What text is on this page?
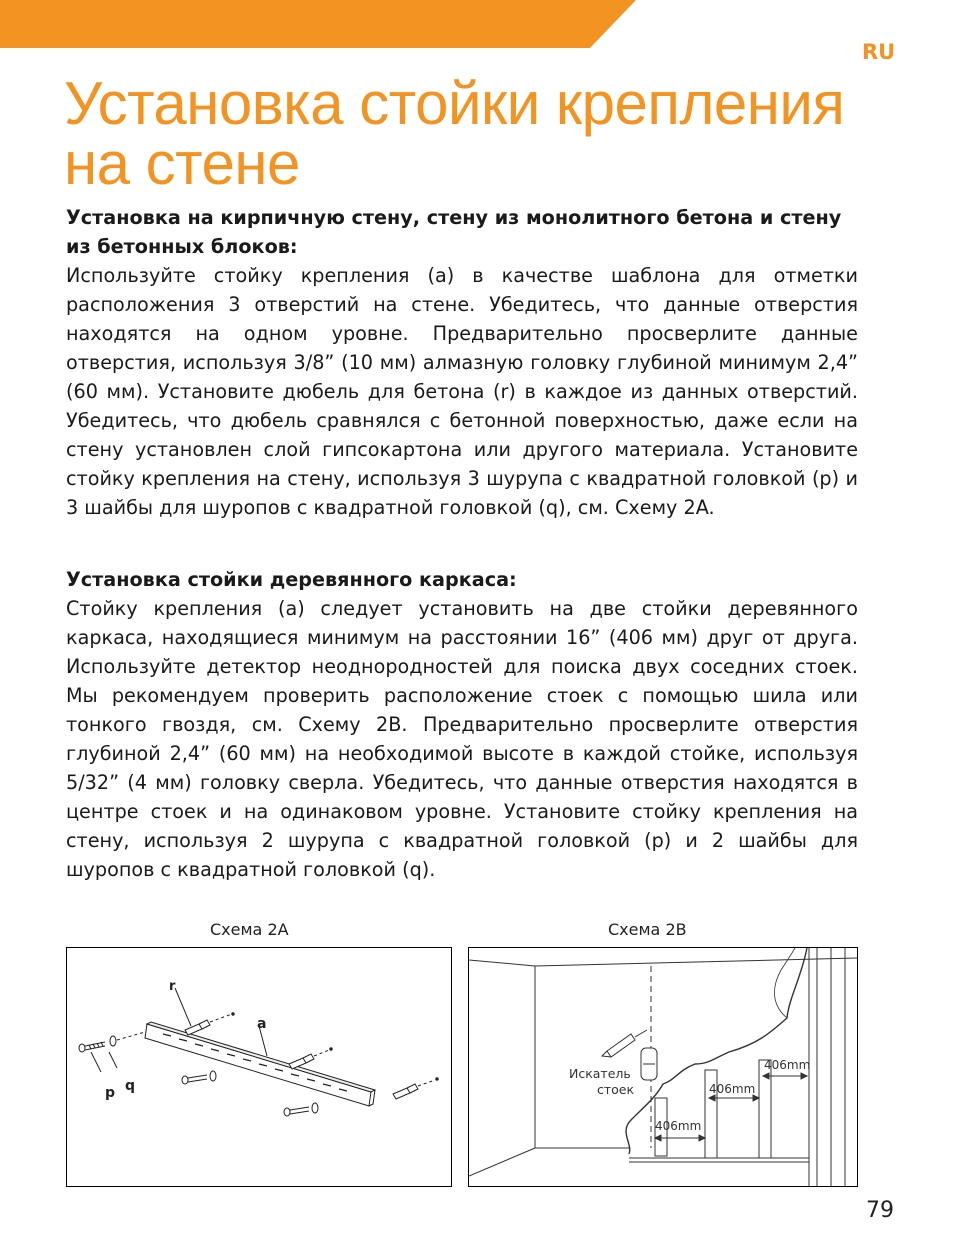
RU
Установка стойки крепления на стене

Установка на кирпичную стену, стену из монолитного бетона и стену из бетонных блоков:
Используйте стойку крепления (a) в качестве шаблона для отметки расположения 3 отверстий на стене. Убедитесь, что данные отверстия находятся на одном уровне. Предварительно просверлите данные отверстия, используя 3/8” (10 мм) алмазную головку глубиной минимум 2,4” (60 мм). Установите дюбель для бетона (r) в каждое из данных отверстий. Убедитесь, что дюбель сравнялся с бетонной поверхностью, даже если на стену установлен слой гипсокартона или другого материала. Установите стойку крепления на стену, используя 3 шурупа с квадратной головкой (p) и 3 шайбы для шуропов с квадратной головкой (q), см. Схему 2A.

Установка стойки деревянного каркаса:
Стойку крепления (a) следует установить на две стойки деревянного каркаса, находящиеся минимум на расстоянии 16” (406 мм) друг от друга. Используйте детектор неоднородностей для поиска двух соседних стоек. Мы рекомендуем проверить расположение стоек с помощью шила или тонкого гвоздя, см. Схему 2B. Предварительно просверлите отверстия глубиной 2,4” (60 мм) на необходимой высоте в каждой стойке, используя 5/32” (4 мм) головку сверла. Убедитесь, что данные отверстия находятся в центре стоек и на одинаковом уровне. Установите стойку крепления на стену, используя 2 шурупа с квадратной головкой (p) и 2 шайбы для шуропов с квадратной головкой (q).

Схема 2A	Схема 2B
r
a
p q
Искатель
стоек
406mm
406mm
406mm
79
